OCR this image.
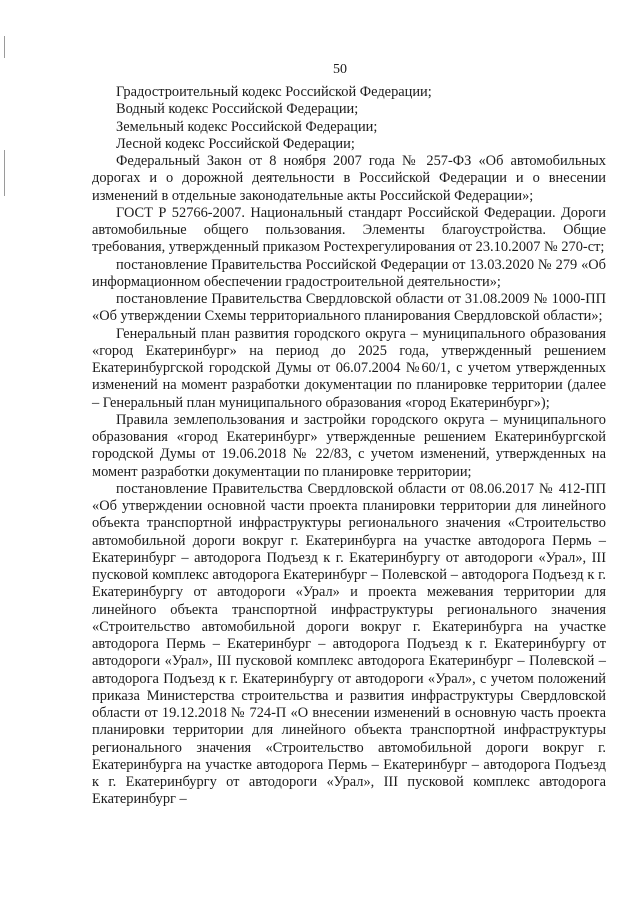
50

Градостроительный кодекс Российской Федерации;

Водный кодекс Российской Федерации;

Земельный кодекс Российской Федерации;

Лесной кодекс Российской Федерации;

Федеральный Закон от 8 ноября 2007 года № 257-ФЗ «Об автомобильных дорогах и о дорожной деятельности в Российской Федерации и о внесении изменений в отдельные законодательные акты Российской Федерации»;

ГОСТ Р 52766-2007. Национальный стандарт Российской Федерации. Дороги автомобильные общего пользования. Элементы благоустройства. Общие требования, утвержденный приказом Ростехрегулирования от 23.10.2007 № 270-ст;

постановление Правительства Российской Федерации от 13.03.2020 № 279 «Об информационном обеспечении градостроительной деятельности»;

постановление Правительства Свердловской области от 31.08.2009 № 1000-ПП «Об утверждении Схемы территориального планирования Свердловской области»;

Генеральный план развития городского округа – муниципального образования «город Екатеринбург» на период до 2025 года, утвержденный решением Екатеринбургской городской Думы от 06.07.2004 №60/1, с учетом утвержденных изменений на момент разработки документации по планировке территории (далее – Генеральный план муниципального образования «город Екатеринбург»);

Правила землепользования и застройки городского округа – муниципального образования «город Екатеринбург» утвержденные решением Екатеринбургской городской Думы от 19.06.2018 № 22/83, с учетом изменений, утвержденных на момент разработки документации по планировке территории;

постановление Правительства Свердловской области от 08.06.2017 № 412-ПП «Об утверждении основной части проекта планировки территории для линейного объекта транспортной инфраструктуры регионального значения «Строительство автомобильной дороги вокруг г. Екатеринбурга на участке автодорога Пермь – Екатеринбург – автодорога Подъезд к г. Екатеринбургу от автодороги «Урал», III пусковой комплекс автодорога Екатеринбург – Полевской – автодорога Подъезд к г. Екатеринбургу от автодороги «Урал» и проекта межевания территории для линейного объекта транспортной инфраструктуры регионального значения «Строительство автомобильной дороги вокруг г. Екатеринбурга на участке автодорога Пермь – Екатеринбург – автодорога Подъезд к г. Екатеринбургу от автодороги «Урал», III пусковой комплекс автодорога Екатеринбург – Полевской – автодорога Подъезд к г. Екатеринбургу от автодороги «Урал», с учетом положений приказа Министерства строительства и развития инфраструктуры Свердловской области от 19.12.2018 № 724-П «О внесении изменений в основную часть проекта планировки территории для линейного объекта транспортной инфраструктуры регионального значения «Строительство автомобильной дороги вокруг г. Екатеринбурга на участке автодорога Пермь – Екатеринбург – автодорога Подъезд к г. Екатеринбургу от автодороги «Урал», III пусковой комплекс автодорога Екатеринбург –
